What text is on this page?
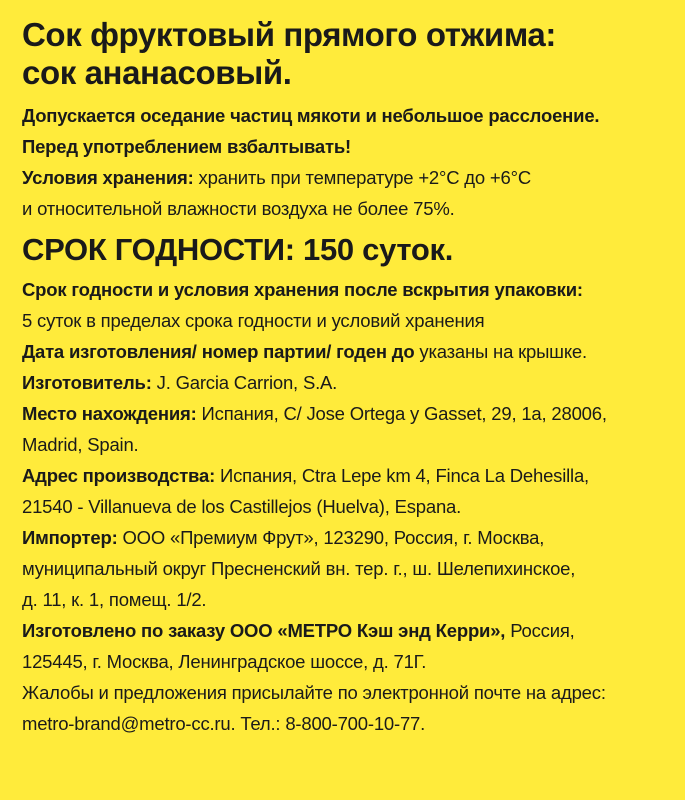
Сок фруктовый прямого отжима:

сок ананасовый.

Допускается оседание частиц мякоти и небольшое расслоение.

Перед употреблением взбалтывать!

Условия хранения: хранить при температуре +2°С до +6°С

и относительной влажности воздуха не более 75%.

СРОК ГОДНОСТИ: 150 суток.

Срок годности и условия хранения после вскрытия упаковки:

5 суток в пределах срока годности и условий хранения

Дата изготовления/ номер партии/ годен до указаны на крышке.

Изготовитель: J. Garcia Carrion, S.A.

Место нахождения: Испания, C/ Jose Ortega y Gasset, 29, 1a, 28006,

Madrid, Spain.

Адрес производства: Испания, Ctra Lepe km 4, Finca La Dehesilla,

21540 - Villanueva de los Castillejos (Huelva), Espana.

Импортер: ООО «Премиум Фрут», 123290, Россия, г. Москва,

муниципальный округ Пресненский вн. тер. г., ш. Шелепихинское,

д. 11, к. 1, помещ. 1/2.

Изготовлено по заказу ООО «МЕТРО Кэш энд Керри», Россия,

125445, г. Москва, Ленинградское шоссе, д. 71Г.

Жалобы и предложения присылайте по электронной почте на адрес:

metro-brand@metro-cc.ru. Тел.: 8-800-700-10-77.
